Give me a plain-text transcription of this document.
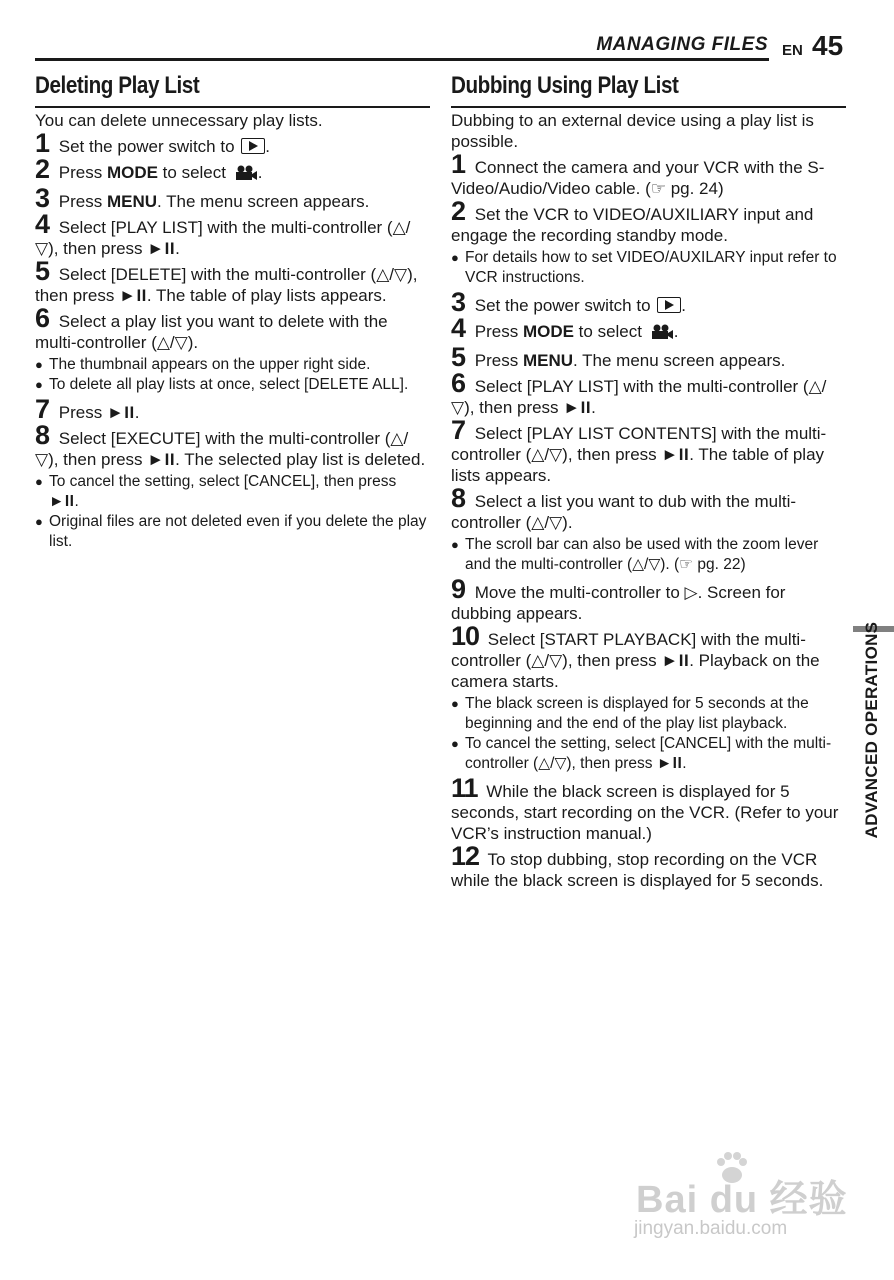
MANAGING FILES EN 45
Deleting Play List
You can delete unnecessary play lists.
1 Set the power switch to .
2 Press MODE to select .
3 Press MENU. The menu screen appears.
4 Select [PLAY LIST] with the multi-controller (△/▽), then press ►II.
5 Select [DELETE] with the multi-controller (△/▽), then press ►II. The table of play lists appears.
6 Select a play list you want to delete with the multi-controller (△/▽).
● The thumbnail appears on the upper right side.
● To delete all play lists at once, select [DELETE ALL].
7 Press ►II.
8 Select [EXECUTE] with the multi-controller (△/▽), then press ►II. The selected play list is deleted.
● To cancel the setting, select [CANCEL], then press ►II.
● Original files are not deleted even if you delete the play list.
Dubbing Using Play List
Dubbing to an external device using a play list is possible.
1 Connect the camera and your VCR with the S-Video/Audio/Video cable. (☞ pg. 24)
2 Set the VCR to VIDEO/AUXILIARY input and engage the recording standby mode.
● For details how to set VIDEO/AUXILARY input refer to VCR instructions.
3 Set the power switch to .
4 Press MODE to select .
5 Press MENU. The menu screen appears.
6 Select [PLAY LIST] with the multi-controller (△/▽), then press ►II.
7 Select [PLAY LIST CONTENTS] with the multi-controller (△/▽), then press ►II. The table of play lists appears.
8 Select a list you want to dub with the multi-controller (△/▽).
● The scroll bar can also be used with the zoom lever and the multi-controller (△/▽). (☞ pg. 22)
9 Move the multi-controller to ▷. Screen for dubbing appears.
10 Select [START PLAYBACK] with the multi-controller (△/▽), then press ►II. Playback on the camera starts.
● The black screen is displayed for 5 seconds at the beginning and the end of the play list playback.
● To cancel the setting, select [CANCEL] with the multi-controller (△/▽), then press ►II.
11 While the black screen is displayed for 5 seconds, start recording on the VCR. (Refer to your VCR’s instruction manual.)
12 To stop dubbing, stop recording on the VCR while the black screen is displayed for 5 seconds.
ADVANCED OPERATIONS
Bai du 经验
jingyan.baidu.com
